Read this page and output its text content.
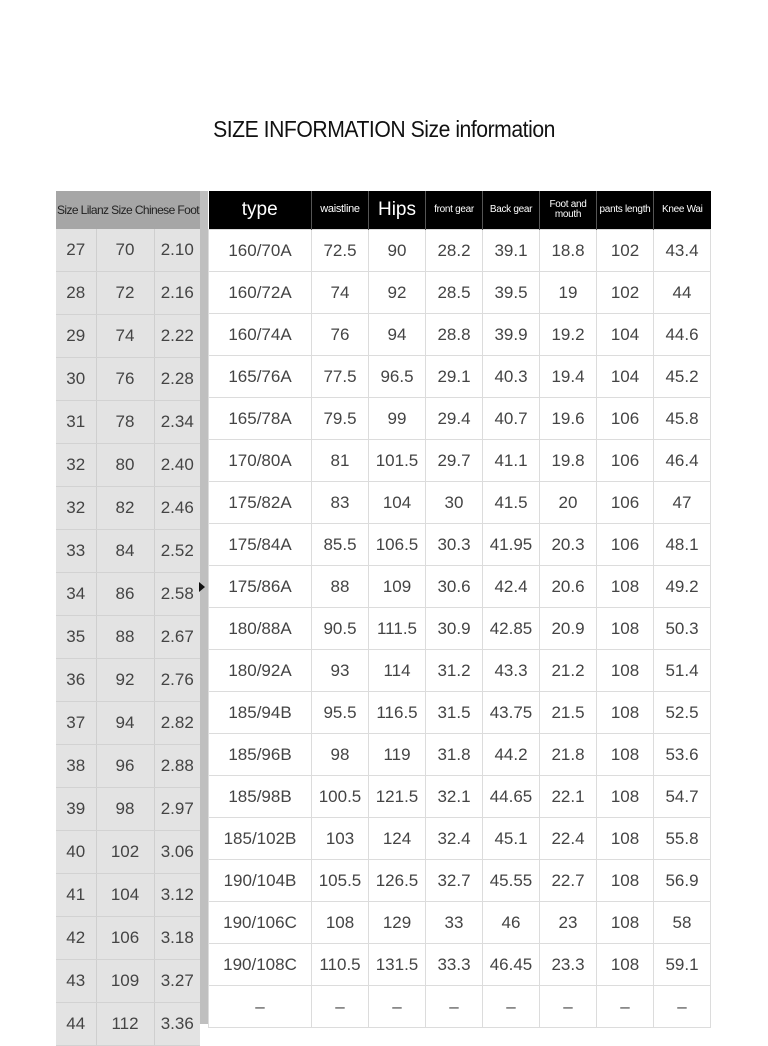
SIZE INFORMATION Size information
Size Lilanz Size Chinese Foot		
27	70	2.10
28	72	2.16
29	74	2.22
30	76	2.28
31	78	2.34
32	80	2.40
32	82	2.46
33	84	2.52
34	86	2.58
35	88	2.67
36	92	2.76
37	94	2.82
38	96	2.88
39	98	2.97
40	102	3.06
41	104	3.12
42	106	3.18
43	109	3.27
44	112	3.36
type	waistline	Hips	front gear	Back gear	Foot and mouth	pants length	Knee Wai
160/70A	72.5	90	28.2	39.1	18.8	102	43.4
160/72A	74	92	28.5	39.5	19	102	44
160/74A	76	94	28.8	39.9	19.2	104	44.6
165/76A	77.5	96.5	29.1	40.3	19.4	104	45.2
165/78A	79.5	99	29.4	40.7	19.6	106	45.8
170/80A	81	101.5	29.7	41.1	19.8	106	46.4
175/82A	83	104	30	41.5	20	106	47
175/84A	85.5	106.5	30.3	41.95	20.3	106	48.1
175/86A	88	109	30.6	42.4	20.6	108	49.2
180/88A	90.5	111.5	30.9	42.85	20.9	108	50.3
180/92A	93	114	31.2	43.3	21.2	108	51.4
185/94B	95.5	116.5	31.5	43.75	21.5	108	52.5
185/96B	98	119	31.8	44.2	21.8	108	53.6
185/98B	100.5	121.5	32.1	44.65	22.1	108	54.7
185/102B	103	124	32.4	45.1	22.4	108	55.8
190/104B	105.5	126.5	32.7	45.55	22.7	108	56.9
190/106C	108	129	33	46	23	108	58
190/108C	110.5	131.5	33.3	46.45	23.3	108	59.1
–	–	–	–	–	–	–	–
